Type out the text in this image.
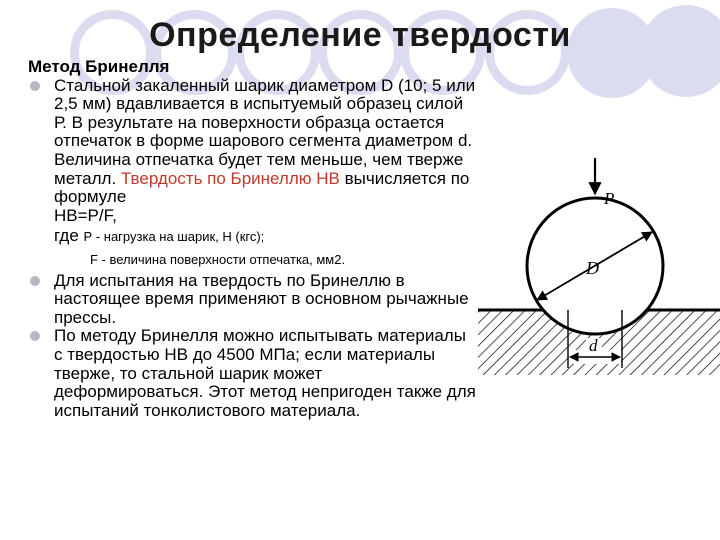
Определение твердости
Метод Бринелля
Стальной закаленный шарик диаметром D (10; 5 или 2,5 мм) вдавливается в испытуемый образец силой Р. В результате на поверхности образца остается отпечаток в форме шарового сегмента диаметром d. Величина отпечатка будет тем меньше, чем тверже металл. Твердость по Бринеллю НВ вычисляется по формуле
НВ=P/F,
где Р - нагрузка на шарик, Н (кгс);
F - величина поверхности отпечатка, мм2.
Для испытания на твердость по Бринеллю в настоящее время применяют в основном рычажные прессы.
По методу Бринелля можно испытывать материалы с твердостью НВ до 4500 МПа; если материалы тверже, то стальной шарик может деформироваться. Этот метод непригоден также для испытаний тонколистового материала.
D
P
d
